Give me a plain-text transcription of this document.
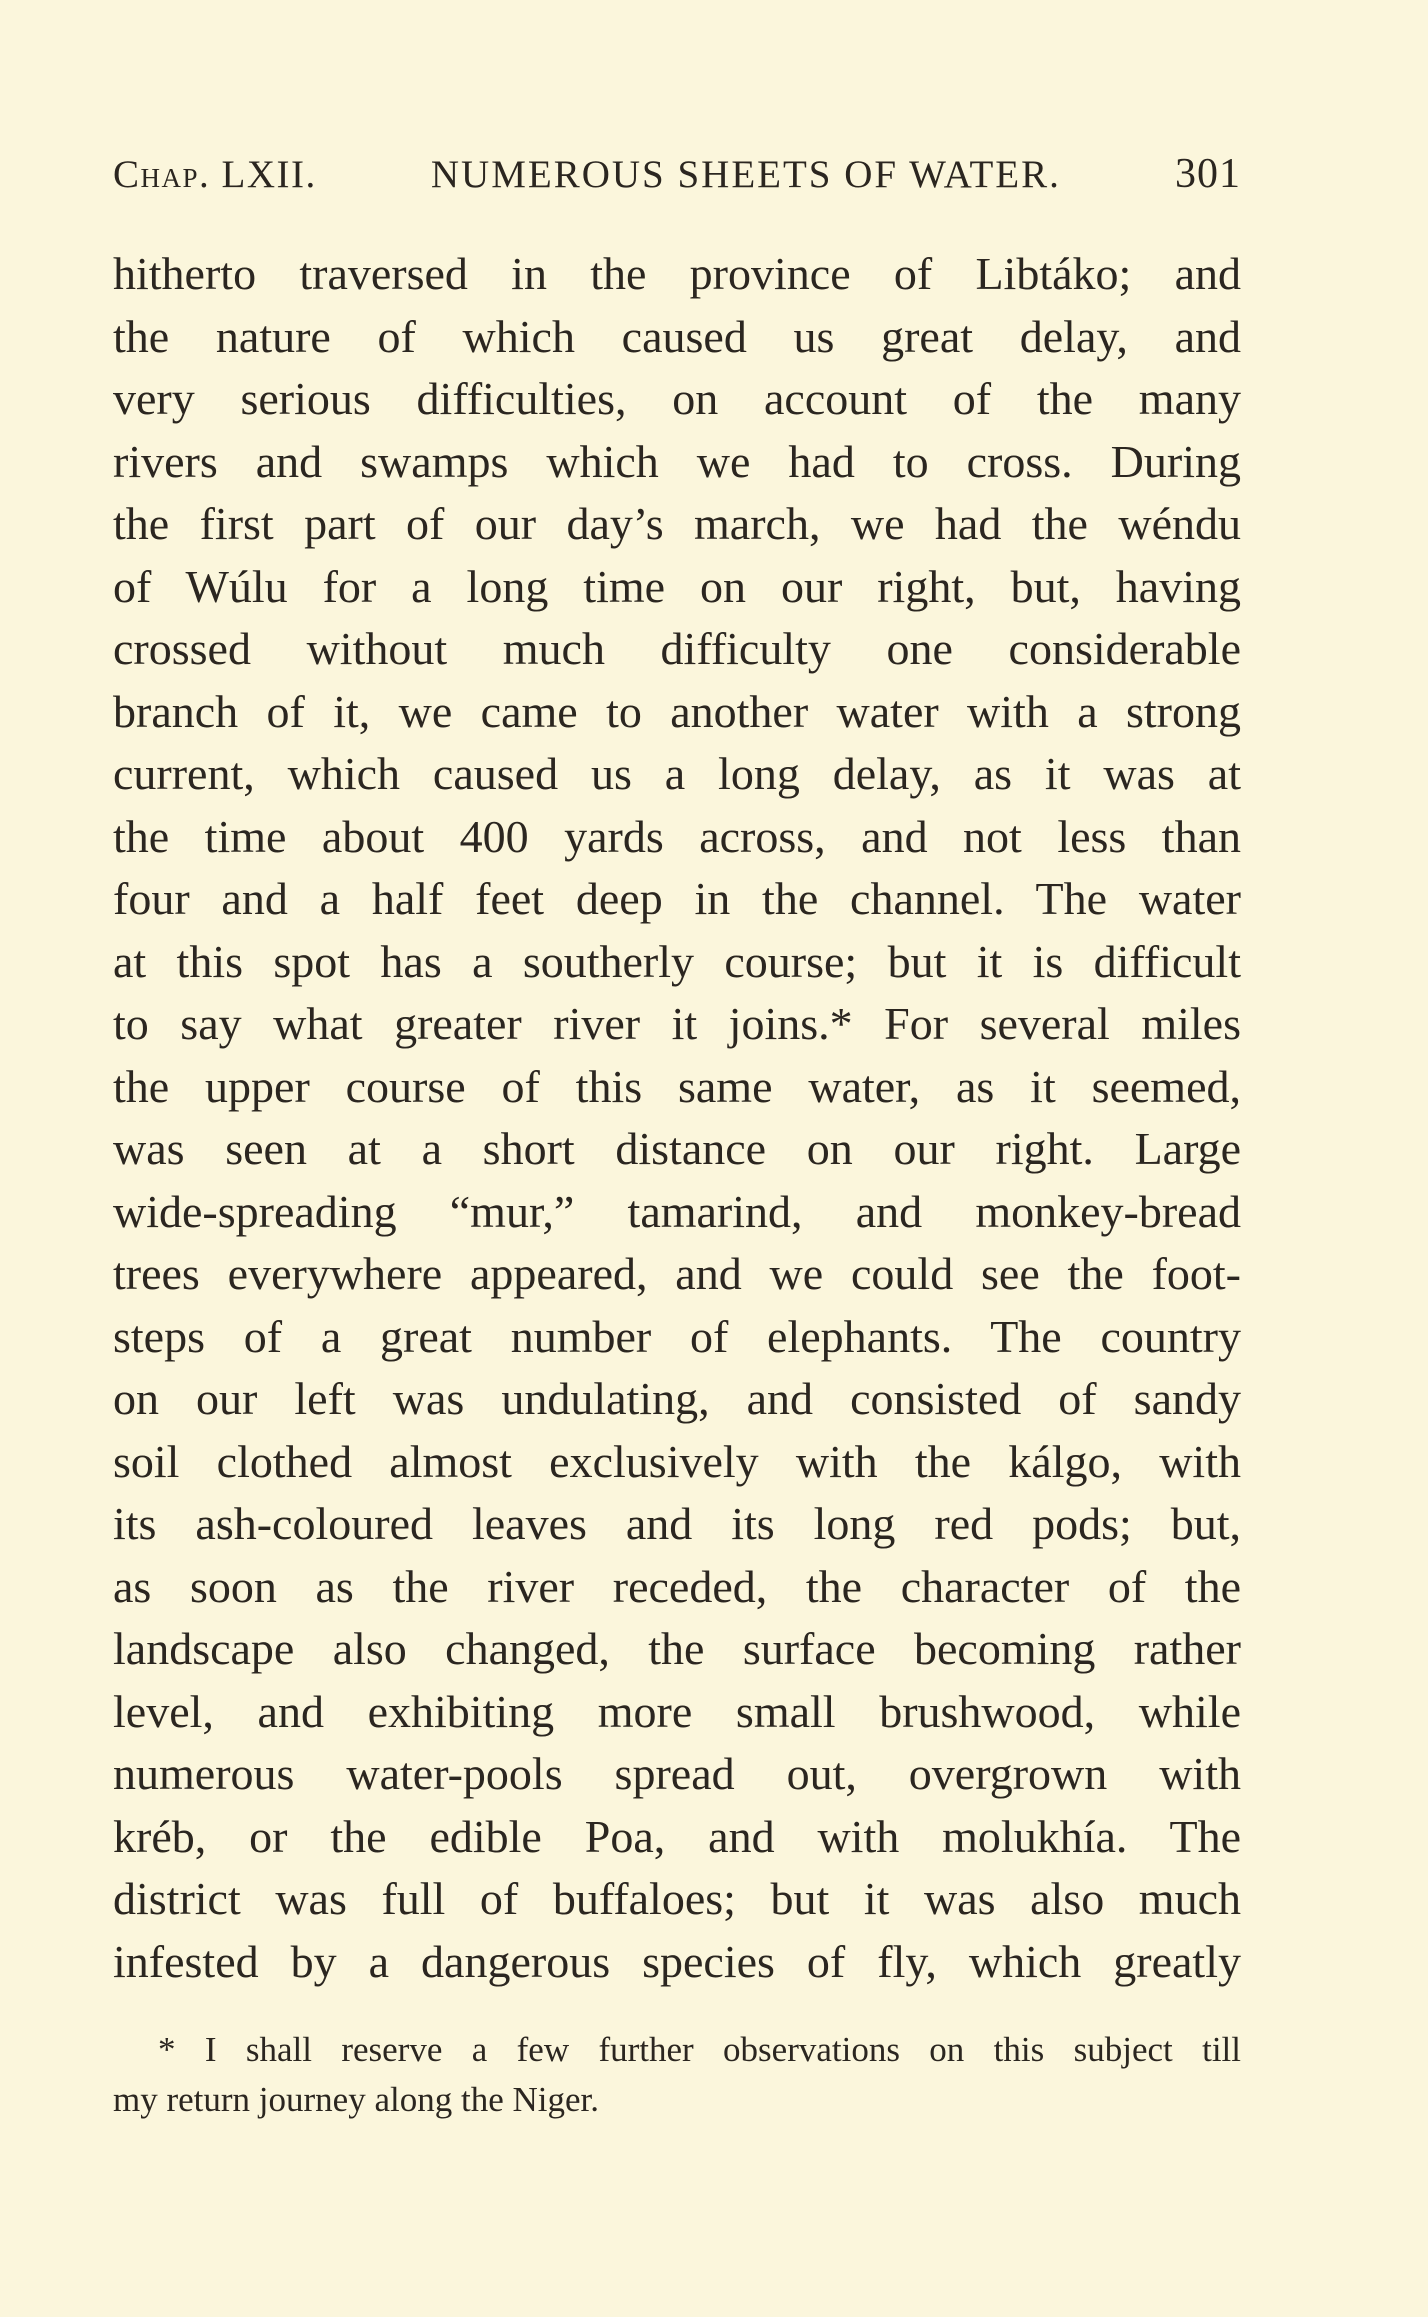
Chap. LXII.	NUMEROUS SHEETS OF WATER.	301
hitherto traversed in the province of Libtáko; and
the nature of which caused us great delay, and
very serious difficulties, on account of the many
rivers and swamps which we had to cross. During
the first part of our day’s march, we had the wéndu
of Wúlu for a long time on our right, but, having
crossed without much difficulty one considerable
branch of it, we came to another water with a strong
current, which caused us a long delay, as it was at
the time about 400 yards across, and not less than
four and a half feet deep in the channel. The water
at this spot has a southerly course; but it is difficult
to say what greater river it joins.* For several miles
the upper course of this same water, as it seemed,
was seen at a short distance on our right. Large
wide-spreading “mur,” tamarind, and monkey-bread
trees everywhere appeared, and we could see the foot-
steps of a great number of elephants. The country
on our left was undulating, and consisted of sandy
soil clothed almost exclusively with the kálgo, with
its ash-coloured leaves and its long red pods; but,
as soon as the river receded, the character of the
landscape also changed, the surface becoming rather
level, and exhibiting more small brushwood, while
numerous water-pools spread out, overgrown with
kréb, or the edible Poa, and with molukhía. The
district was full of buffaloes; but it was also much
infested by a dangerous species of fly, which greatly
* I shall reserve a few further observations on this subject till
my return journey along the Niger.
